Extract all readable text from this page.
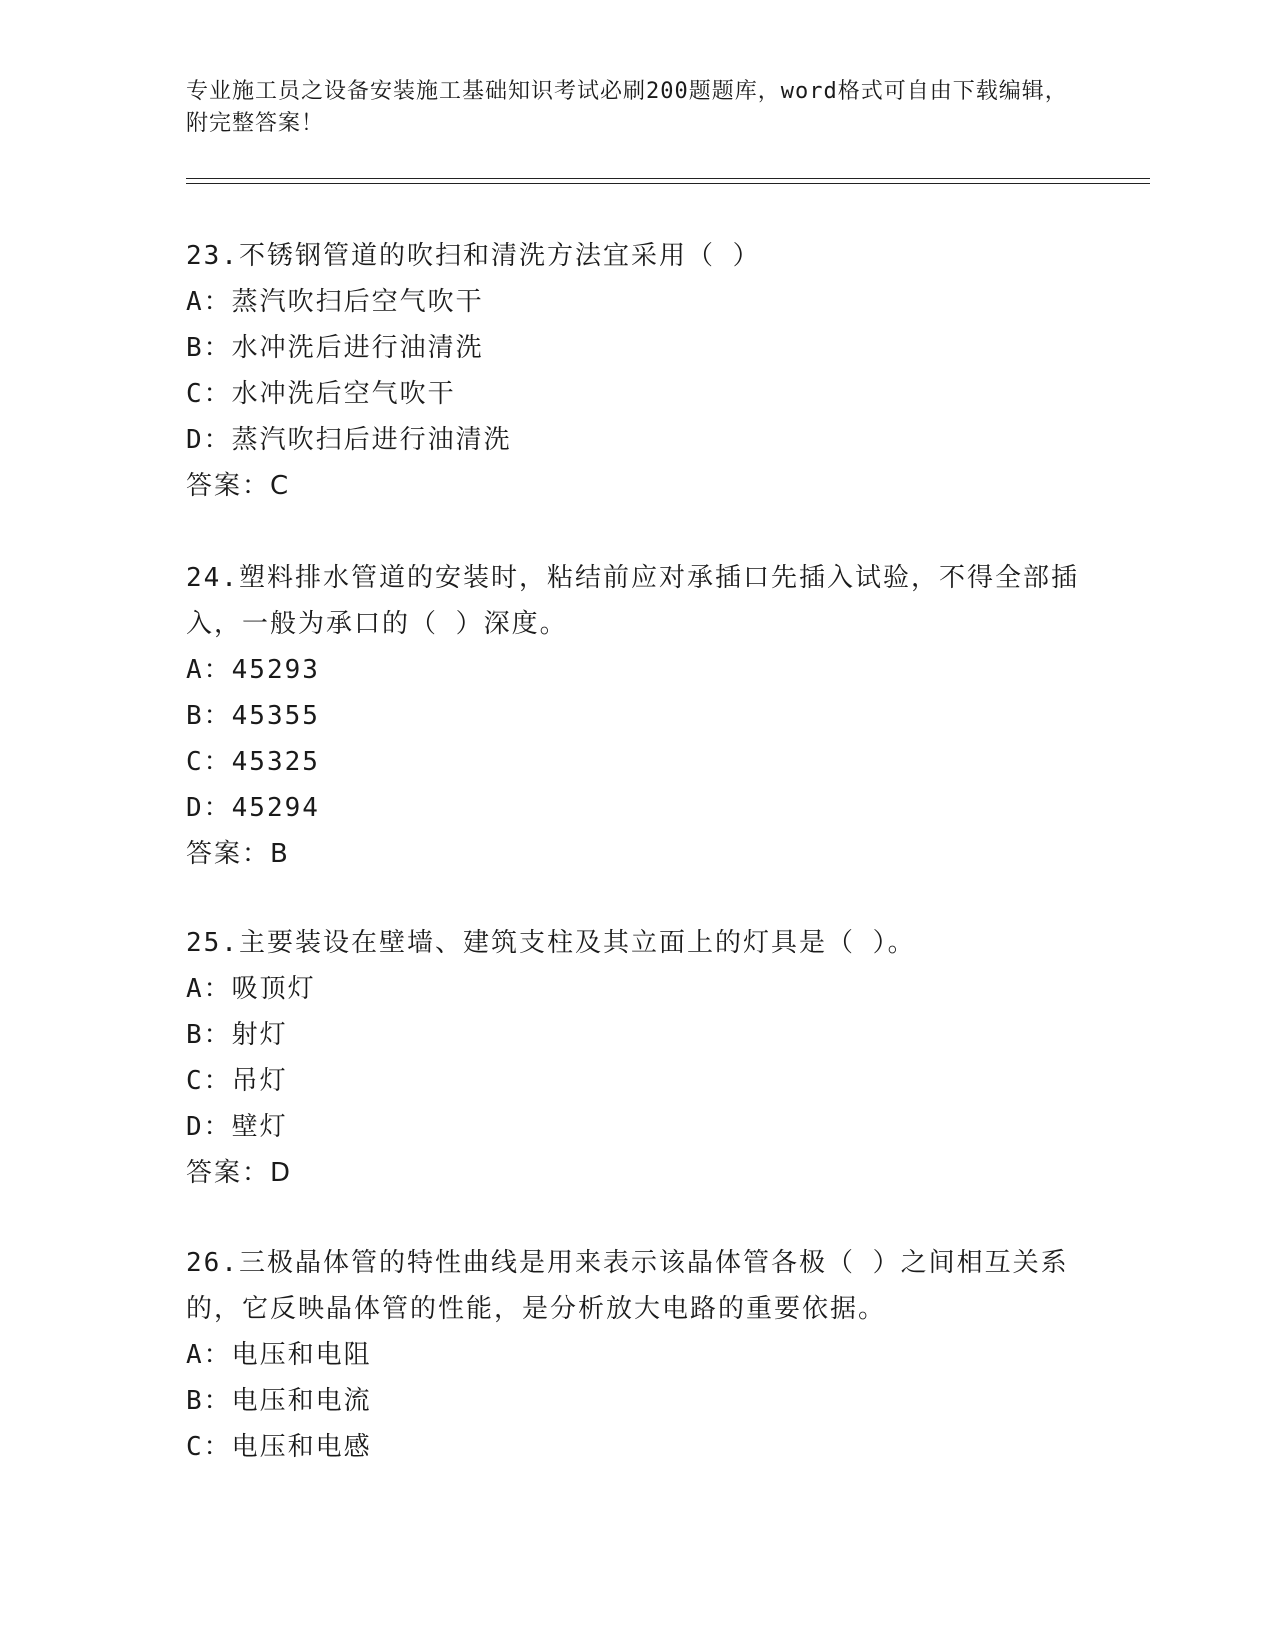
专业施工员之设备安装施工基础知识考试必刷200题题库，word格式可自由下载编辑，附完整答案！

23.不锈钢管道的吹扫和清洗方法宜采用（ ）

A：蒸汽吹扫后空气吹干

B：水冲洗后进行油清洗

C：水冲洗后空气吹干

D：蒸汽吹扫后进行油清洗

答案：C

24.塑料排水管道的安装时，粘结前应对承插口先插入试验，不得全部插入，一般为承口的（ ）深度。

A：45293

B：45355

C：45325

D：45294

答案：B

25.主要装设在壁墙、建筑支柱及其立面上的灯具是（ ）。

A：吸顶灯

B：射灯

C：吊灯

D：壁灯

答案：D

26.三极晶体管的特性曲线是用来表示该晶体管各极（ ）之间相互关系的，它反映晶体管的性能，是分析放大电路的重要依据。

A：电压和电阻

B：电压和电流

C：电压和电感
